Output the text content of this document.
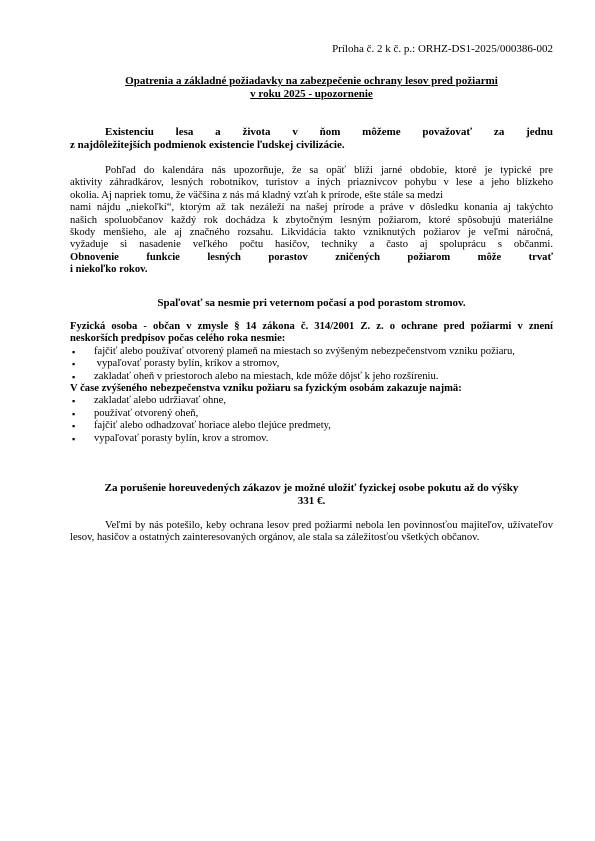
Príloha č. 2 k č. p.: ORHZ-DS1-2025/000386-002
Opatrenia a základné požiadavky na zabezpečenie ochrany lesov pred požiarmi
v roku 2025 - upozornenie
Existenciu lesa a života v ňom môžeme považovať za jednu
z najdôležitejších podmienok existencie ľudskej civilizácie.
Pohľad do kalendára nás upozorňuje, že sa opäť blíži jarné obdobie, ktoré je typické pre
aktivity záhradkárov, lesných robotníkov, turistov a iných priaznivcov pohybu v lese a jeho blízkeho
okolia. Aj napriek tomu, že väčšina z nás má kladný vzťah k prírode, ešte stále sa medzi
nami nájdu „niekoľkí“, ktorým až tak nezáleží na našej prírode a práve v dôsledku konania aj takýchto
našich spoluobčanov každý rok dochádza k zbytočným lesným požiarom, ktoré spôsobujú materiálne
škody menšieho, ale aj značného rozsahu. Likvidácia takto vzniknutých požiarov je veľmi náročná,
vyžaduje si nasadenie veľkého počtu hasičov, techniky a často aj spoluprácu s občanmi.
Obnovenie funkcie lesných porastov zničených požiarom môže trvať
i niekoľko rokov.
Spaľovať sa nesmie pri veternom počasí a pod porastom stromov.
Fyzická osoba - občan v zmysle § 14 zákona č. 314/2001 Z. z. o ochrane pred požiarmi v znení
neskorších predpisov počas celého roka nesmie:
▪ fajčiť alebo používať otvorený plameň na miestach so zvýšeným nebezpečenstvom vzniku požiaru,
▪  vypaľovať porasty bylín, kríkov a stromov,
▪ zakladať oheň v priestoroch alebo na miestach, kde môže dôjsť k jeho rozšíreniu.
V čase zvýšeného nebezpečenstva vzniku požiaru sa fyzickým osobám zakazuje najmä:
▪ zakladať alebo udržiavať ohne,
▪ používať otvorený oheň,
▪ fajčiť alebo odhadzovať horiace alebo tlejúce predmety,
▪ vypaľovať porasty bylín, krov a stromov.
Za porušenie horeuvedených zákazov je možné uložiť fyzickej osobe pokutu až do výšky
331 €.
Veľmi by nás potešilo, keby ochrana lesov pred požiarmi nebola len povinnosťou majiteľov, užívateľov lesov, hasičov a ostatných zainteresovaných orgánov, ale stala sa záležitosťou všetkých občanov.
